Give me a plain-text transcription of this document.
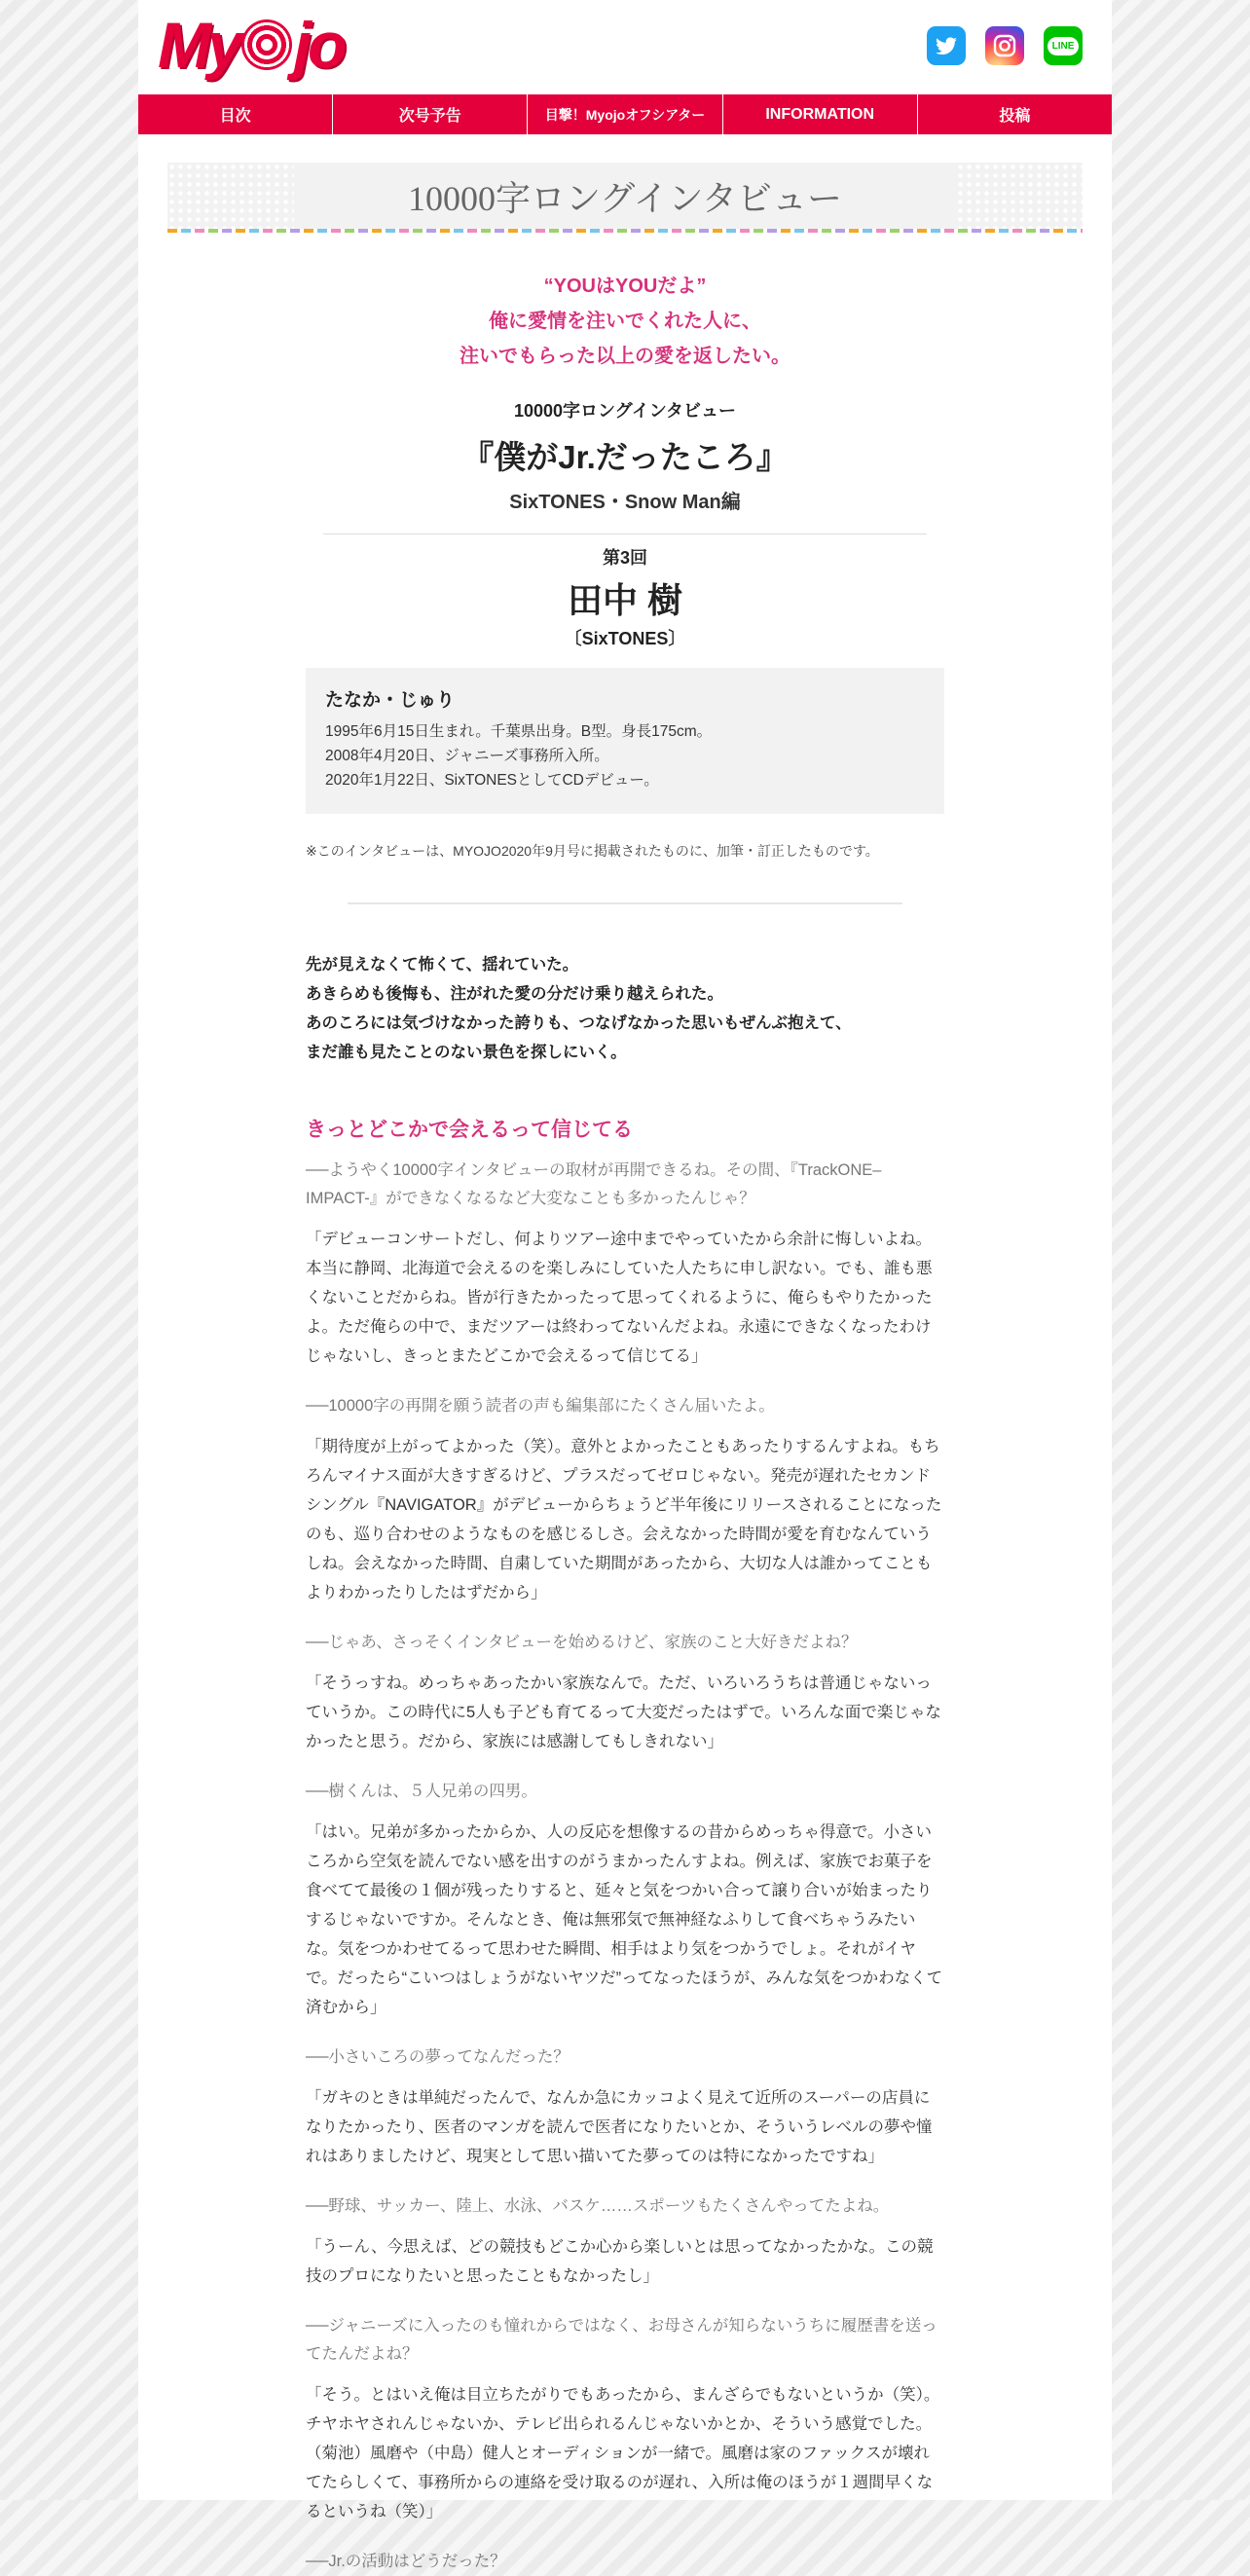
My jo	LINE
目次	次号予告	目撃！Myojoオフシアター	INFORMATION	投稿
10000字ロングインタビュー
“YOUはYOUだよ”
俺に愛情を注いでくれた人に、
注いでもらった以上の愛を返したい。
10000字ロングインタビュー
『僕がJr.だったころ』
SixTONES・Snow Man編
第3回
田中 樹
〔SixTONES〕
たなか・じゅり
1995年6月15日生まれ。千葉県出身。B型。身長175cm。
2008年4月20日、ジャニーズ事務所入所。
2020年1月22日、SixTONESとしてCDデビュー。
※このインタビューは、MYOJO2020年9月号に掲載されたものに、加筆・訂正したものです。
先が見えなくて怖くて、揺れていた。
あきらめも後悔も、注がれた愛の分だけ乗り越えられた。
あのころには気づけなかった誇りも、つなげなかった思いもぜんぶ抱えて、
まだ誰も見たことのない景色を探しにいく。
きっとどこかで会えるって信じてる
──ようやく10000字インタビューの取材が再開できるね。その間、『TrackONE–IMPACT-』ができなくなるなど大変なことも多かったんじゃ？
「デビューコンサートだし、何よりツアー途中までやっていたから余計に悔しいよね。本当に静岡、北海道で会えるのを楽しみにしていた人たちに申し訳ない。でも、誰も悪くないことだからね。皆が行きたかったって思ってくれるように、俺らもやりたかったよ。ただ俺らの中で、まだツアーは終わってないんだよね。永遠にできなくなったわけじゃないし、きっとまたどこかで会えるって信じてる」
──10000字の再開を願う読者の声も編集部にたくさん届いたよ。
「期待度が上がってよかった（笑）。意外とよかったこともあったりするんすよね。もちろんマイナス面が大きすぎるけど、プラスだってゼロじゃない。発売が遅れたセカンドシングル『NAVIGATOR』がデビューからちょうど半年後にリリースされることになったのも、巡り合わせのようなものを感じるしさ。会えなかった時間が愛を育むなんていうしね。会えなかった時間、自粛していた期間があったから、大切な人は誰かってこともよりわかったりしたはずだから」
──じゃあ、さっそくインタビューを始めるけど、家族のこと大好きだよね？
「そうっすね。めっちゃあったかい家族なんで。ただ、いろいろうちは普通じゃないっていうか。この時代に5人も子ども育てるって大変だったはずで。いろんな面で楽じゃなかったと思う。だから、家族には感謝してもしきれない」
──樹くんは、５人兄弟の四男。
「はい。兄弟が多かったからか、人の反応を想像するの昔からめっちゃ得意で。小さいころから空気を読んでない感を出すのがうまかったんすよね。例えば、家族でお菓子を食べてて最後の１個が残ったりすると、延々と気をつかい合って譲り合いが始まったりするじゃないですか。そんなとき、俺は無邪気で無神経なふりして食べちゃうみたいな。気をつかわせてるって思わせた瞬間、相手はより気をつかうでしょ。それがイヤで。だったら“こいつはしょうがないヤツだ”ってなったほうが、みんな気をつかわなくて済むから」
──小さいころの夢ってなんだった？
「ガキのときは単純だったんで、なんか急にカッコよく見えて近所のスーパーの店員になりたかったり、医者のマンガを読んで医者になりたいとか、そういうレベルの夢や憧れはありましたけど、現実として思い描いてた夢ってのは特になかったですね」
──野球、サッカー、陸上、水泳、バスケ……スポーツもたくさんやってたよね。
「うーん、今思えば、どの競技もどこか心から楽しいとは思ってなかったかな。この競技のプロになりたいと思ったこともなかったし」
──ジャニーズに入ったのも憧れからではなく、お母さんが知らないうちに履歴書を送ってたんだよね？
「そう。とはいえ俺は目立ちたがりでもあったから、まんざらでもないというか（笑）。チヤホヤされんじゃないか、テレビ出られるんじゃないかとか、そういう感覚でした。（菊池）風磨や（中島）健人とオーディションが一緒で。風磨は家のファックスが壊れてたらしくて、事務所からの連絡を受け取るのが遅れ、入所は俺のほうが１週間早くなるというね（笑）」
──Jr.の活動はどうだった？
